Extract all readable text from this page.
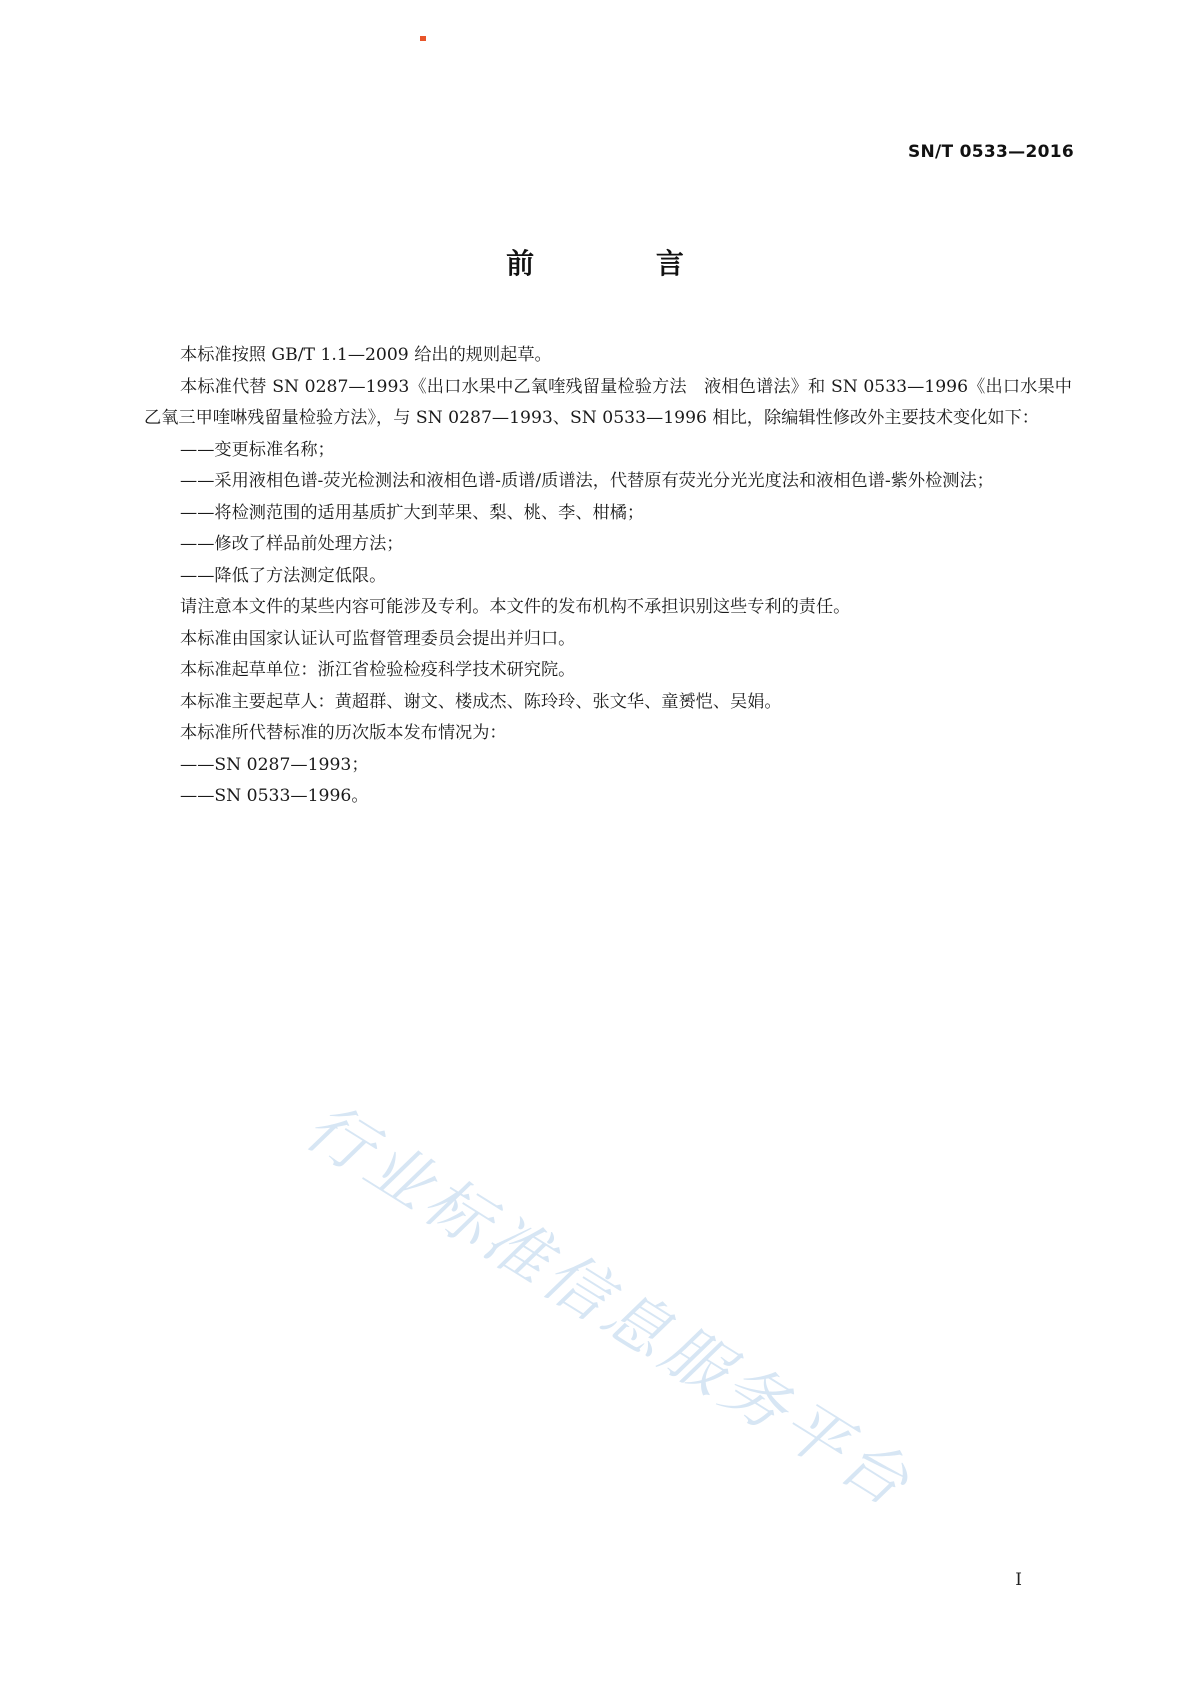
SN/T 0533—2016
前 言

本标准按照 GB/T 1.1—2009 给出的规则起草。

本标准代替 SN 0287—1993《出口水果中乙氧喹残留量检验方法　液相色谱法》和 SN 0533—1996《出口水果中乙氧三甲喹啉残留量检验方法》，与 SN 0287—1993、SN 0533—1996 相比，除编辑性修改外主要技术变化如下：

——变更标准名称；

——采用液相色谱-荧光检测法和液相色谱-质谱/质谱法，代替原有荧光分光光度法和液相色谱-紫外检测法；

——将检测范围的适用基质扩大到苹果、梨、桃、李、柑橘；

——修改了样品前处理方法；

——降低了方法测定低限。

请注意本文件的某些内容可能涉及专利。本文件的发布机构不承担识别这些专利的责任。

本标准由国家认证认可监督管理委员会提出并归口。

本标准起草单位：浙江省检验检疫科学技术研究院。

本标准主要起草人：黄超群、谢文、楼成杰、陈玲玲、张文华、童赟恺、吴娟。

本标准所代替标准的历次版本发布情况为：

——SN 0287—1993；

——SN 0533—1996。

行业标准信息服务平台
I
